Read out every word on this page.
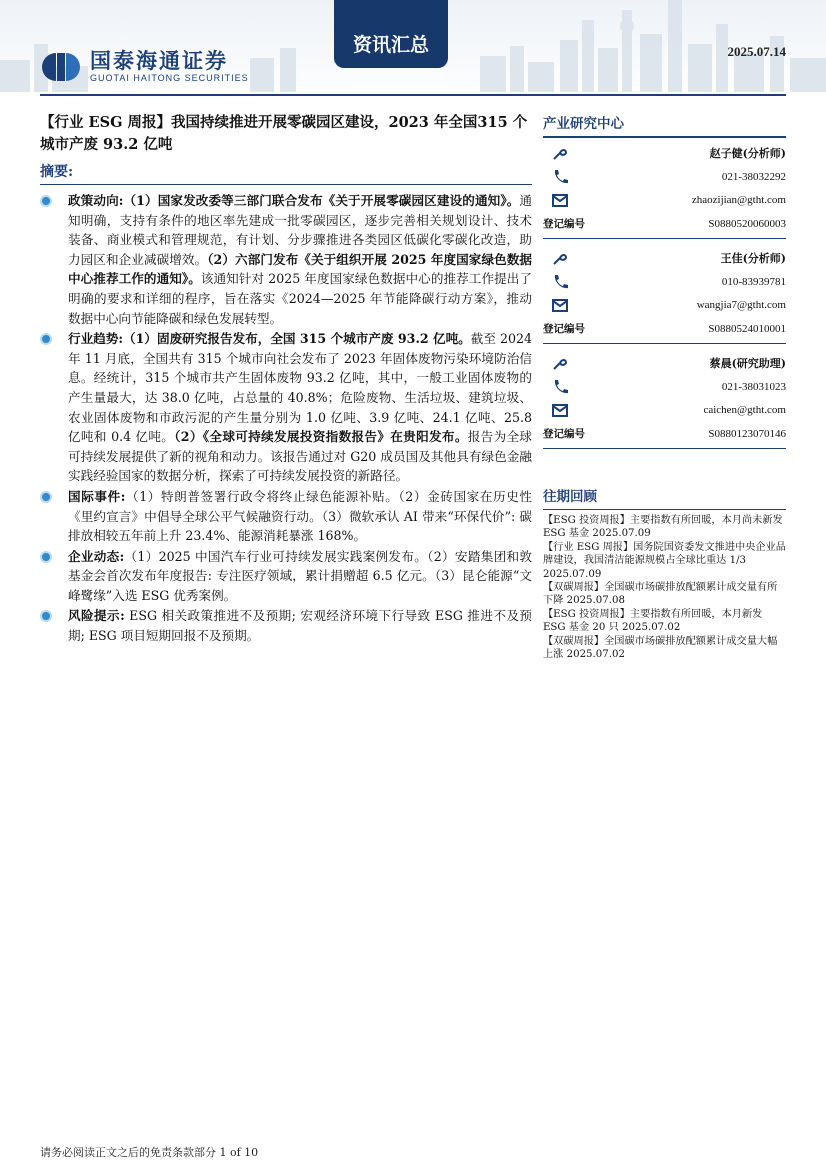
国泰海通证券
GUOTAI HAITONG SECURITIES
资讯汇总	2025.07.14
【行业 ESG 周报】我国持续推进开展零碳园区建设，2023 年全国315 个城市产废 93.2 亿吨
摘要:
政策动向:（1）国家发改委等三部门联合发布《关于开展零碳园区建设的通知》。通知明确，支持有条件的地区率先建成一批零碳园区，逐步完善相关规划设计、技术装备、商业模式和管理规范，有计划、分步骤推进各类园区低碳化零碳化改造，助力园区和企业减碳增效。（2）六部门发布《关于组织开展 2025 年度国家绿色数据中心推荐工作的通知》。该通知针对 2025 年度国家绿色数据中心的推荐工作提出了明确的要求和详细的程序，旨在落实《2024—2025 年节能降碳行动方案》，推动数据中心向节能降碳和绿色发展转型。
行业趋势:（1）固废研究报告发布，全国 315 个城市产废 93.2 亿吨。截至 2024 年 11 月底，全国共有 315 个城市向社会发布了 2023 年固体废物污染环境防治信息。经统计，315 个城市共产生固体废物 93.2 亿吨，其中，一般工业固体废物的产生量最大，达 38.0 亿吨，占总量的 40.8%；危险废物、生活垃圾、建筑垃圾、农业固体废物和市政污泥的产生量分别为 1.0 亿吨、3.9 亿吨、24.1 亿吨、25.8 亿吨和 0.4 亿吨。（2）《全球可持续发展投资指数报告》在贵阳发布。报告为全球可持续发展提供了新的视角和动力。该报告通过对 G20 成员国及其他具有绿色金融实践经验国家的数据分析，探索了可持续发展投资的新路径。
国际事件:（1）特朗普签署行政令将终止绿色能源补贴。（2）金砖国家在历史性《里约宣言》中倡导全球公平气候融资行动。（3）微软承认 AI 带来“环保代价”: 碳排放相较五年前上升 23.4%、能源消耗暴涨 168%。
企业动态:（1）2025 中国汽车行业可持续发展实践案例发布。（2）安踏集团和敦基金会首次发布年度报告: 专注医疗领域，累计捐赠超 6.5 亿元。（3）昆仑能源“文峰鹭缘”入选 ESG 优秀案例。
风险提示: ESG 相关政策推进不及预期; 宏观经济环境下行导致 ESG 推进不及预期; ESG 项目短期回报不及预期。
产业研究中心
赵子健(分析师)
021-38032292
zhaozijian@gtht.com
登记编号	S0880520060003
王佳(分析师)
010-83939781
wangjia7@gtht.com
登记编号	S0880524010001
蔡晨(研究助理)
021-38031023
caichen@gtht.com
登记编号	S0880123070146
往期回顾
【ESG 投资周报】主要指数有所回暖，本月尚未新发 ESG 基金 2025.07.09
【行业 ESG 周报】国务院国资委发文推进中央企业品牌建设，我国清洁能源规模占全球比重达 1/3 2025.07.09
【双碳周报】全国碳市场碳排放配额累计成交量有所下降 2025.07.08
【ESG 投资周报】主要指数有所回暖，本月新发 ESG 基金 20 只 2025.07.02
【双碳周报】全国碳市场碳排放配额累计成交量大幅上涨 2025.07.02
请务必阅读正文之后的免责条款部分 1 of 10
